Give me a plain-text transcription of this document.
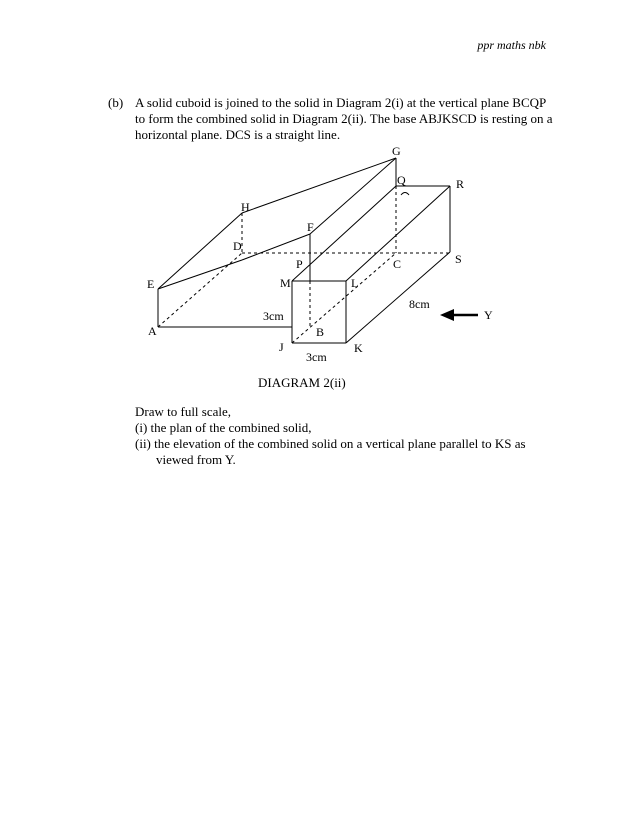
ppr maths nbk
(b) A solid cuboid is joined to the solid in Diagram 2(i) at the vertical plane BCQP
to form the combined solid in Diagram 2(ii). The base ABJKSCD is resting on a
horizontal plane. DCS is a straight line.
G
Q	R
H
F
D
P	C	S
E	M	L
A	B
J	K
3cm
3cm
8cm
Y
DIAGRAM 2(ii)
Draw to full scale,
(i) the plan of the combined solid,
(ii) the elevation of the combined solid on a vertical plane parallel to KS as
viewed from Y.
